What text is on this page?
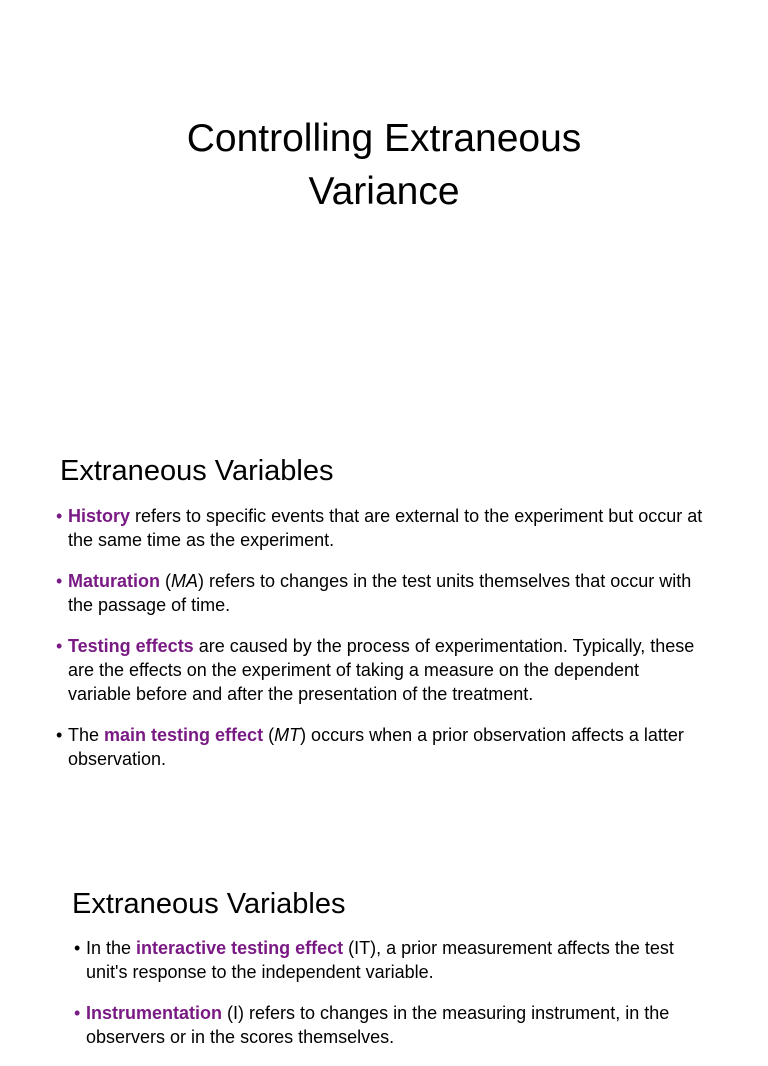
Controlling Extraneous
Variance
Extraneous Variables
• History refers to specific events that are external to the experiment but occur at the same time as the experiment.
• Maturation (MA) refers to changes in the test units themselves that occur with the passage of time.
• Testing effects are caused by the process of experimentation. Typically, these are the effects on the experiment of taking a measure on the dependent variable before and after the presentation of the treatment.
• The main testing effect (MT) occurs when a prior observation affects a latter observation.
Extraneous Variables
• In the interactive testing effect (IT), a prior measurement affects the test unit's response to the independent variable.
• Instrumentation (I) refers to changes in the measuring instrument, in the observers or in the scores themselves.
